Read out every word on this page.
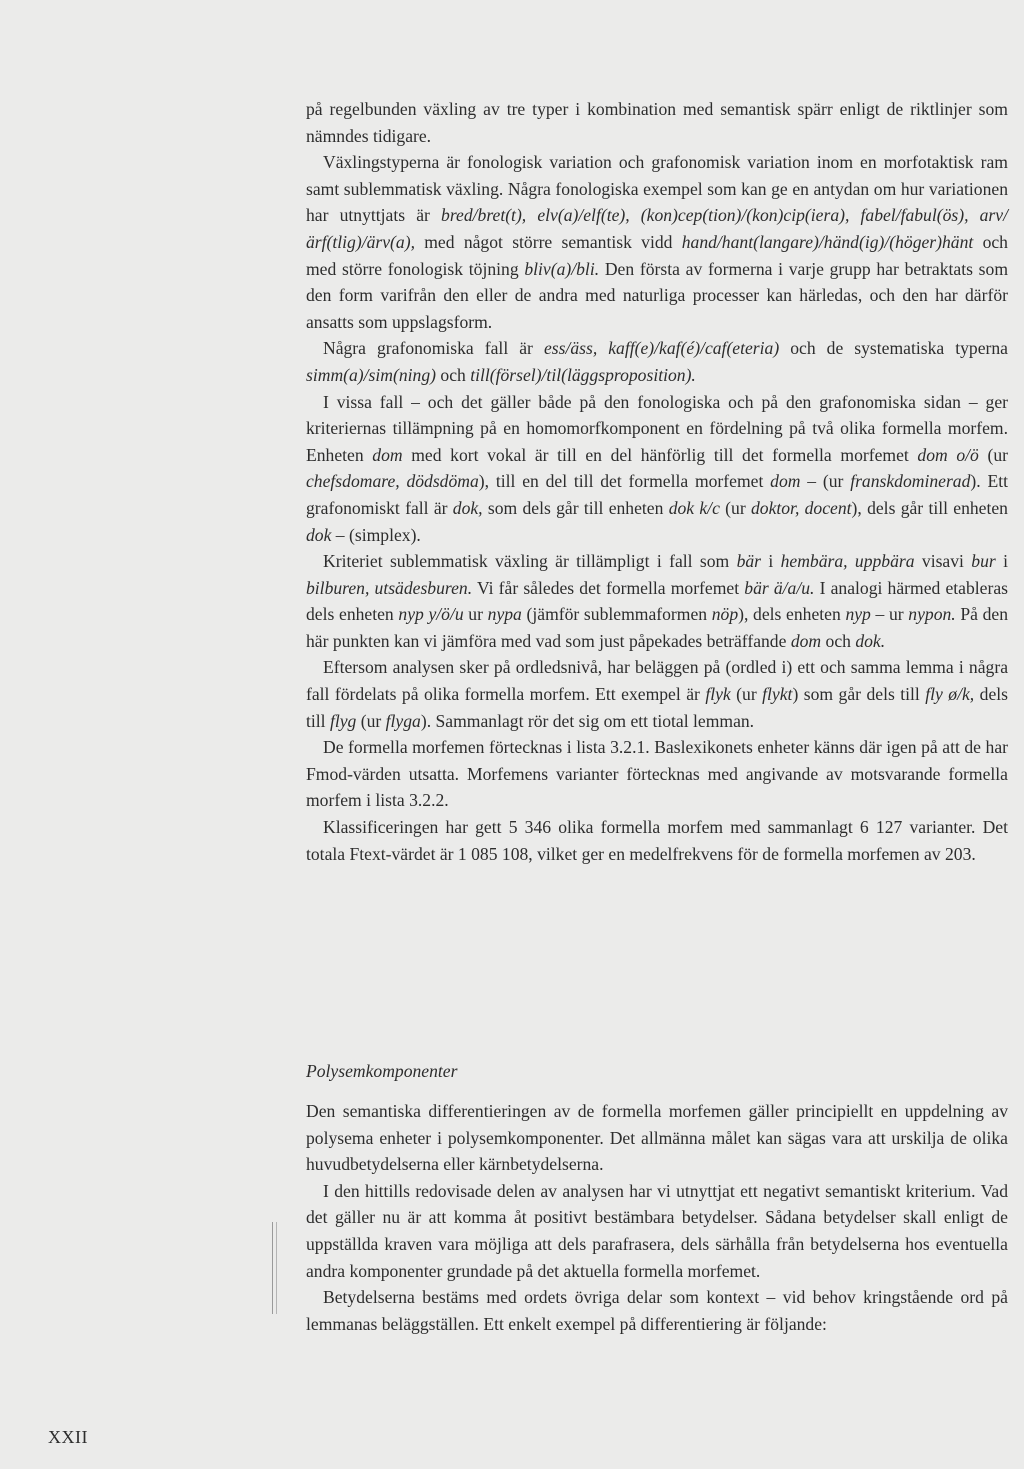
på regelbunden växling av tre typer i kombination med semantisk spärr enligt de riktlinjer som nämndes tidigare.

Växlingstyperna är fonologisk variation och grafonomisk variation inom en morfotaktisk ram samt sublemmatisk växling. Några fonologiska exempel som kan ge en antydan om hur variationen har utnyttjats är bred/bret(t), elv(a)/elf(te), (kon)cep(tion)/(kon)cip(iera), fabel/fabul(ös), arv/ärf(tlig)/ärv(a), med något större semantisk vidd hand/hant(langare)/händ(ig)/(höger)hänt och med större fonologisk töjning bliv(a)/bli. Den första av formerna i varje grupp har betraktats som den form varifrån den eller de andra med naturliga processer kan härledas, och den har därför ansatts som uppslagsform.

Några grafonomiska fall är ess/äss, kaff(e)/kaf(é)/caf(eteria) och de systematiska typerna simm(a)/sim(ning) och till(försel)/til(läggsproposition).

I vissa fall – och det gäller både på den fonologiska och på den grafonomiska sidan – ger kriteriernas tillämpning på en homomorfkomponent en fördelning på två olika formella morfem. Enheten dom med kort vokal är till en del hänförlig till det formella morfemet dom o/ö (ur chefsdomare, dödsdöma), till en del till det formella morfemet dom – (ur franskdominerad). Ett grafonomiskt fall är dok, som dels går till enheten dok k/c (ur doktor, docent), dels går till enheten dok – (simplex).

Kriteriet sublemmatisk växling är tillämpligt i fall som bär i hembära, uppbära visavi bur i bilburen, utsädesburen. Vi får således det formella morfemet bär ä/a/u. I analogi härmed etableras dels enheten nyp y/ö/u ur nypa (jämför sublemmaformen nöp), dels enheten nyp – ur nypon. På den här punkten kan vi jämföra med vad som just påpekades beträffande dom och dok.

Eftersom analysen sker på ordledsnivå, har beläggen på (ordled i) ett och samma lemma i några fall fördelats på olika formella morfem. Ett exempel är flyk (ur flykt) som går dels till fly ø/k, dels till flyg (ur flyga). Sammanlagt rör det sig om ett tiotal lemman.

De formella morfemen förtecknas i lista 3.2.1. Baslexikonets enheter känns där igen på att de har Fmod-värden utsatta. Morfemens varianter förtecknas med angivande av motsvarande formella morfem i lista 3.2.2.

Klassificeringen har gett 5 346 olika formella morfem med sammanlagt 6 127 varianter. Det totala Ftext-värdet är 1 085 108, vilket ger en medelfrekvens för de formella morfemen av 203.

Polysemkomponenter

Den semantiska differentieringen av de formella morfemen gäller principiellt en uppdelning av polysema enheter i polysemkomponenter. Det allmänna målet kan sägas vara att urskilja de olika huvudbetydelserna eller kärnbetydelserna.

I den hittills redovisade delen av analysen har vi utnyttjat ett negativt semantiskt kriterium. Vad det gäller nu är att komma åt positivt bestämbara betydelser. Sådana betydelser skall enligt de uppställda kraven vara möjliga att dels parafrasera, dels särhålla från betydelserna hos eventuella andra komponenter grundade på det aktuella formella morfemet.

Betydelserna bestäms med ordets övriga delar som kontext – vid behov kringstående ord på lemmanas beläggställen. Ett enkelt exempel på differentiering är följande:

XXII
